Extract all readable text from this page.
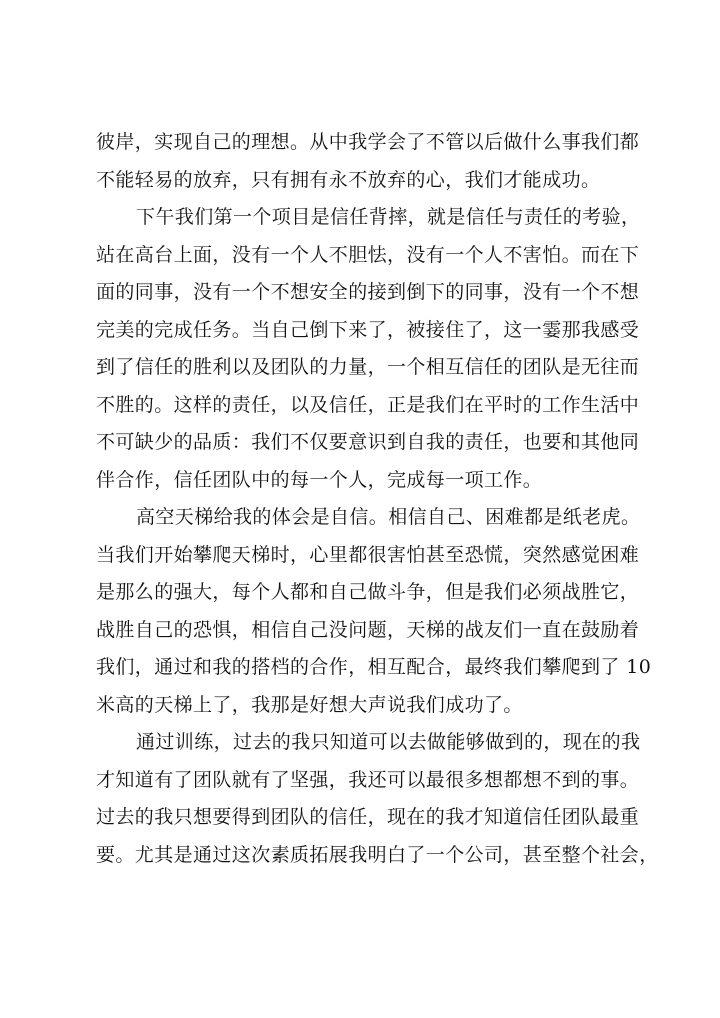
彼岸，实现自己的理想。从中我学会了不管以后做什么事我们都
不能轻易的放弃，只有拥有永不放弃的心，我们才能成功。
下午我们第一个项目是信任背摔，就是信任与责任的考验，
站在高台上面，没有一个人不胆怯，没有一个人不害怕。而在下
面的同事，没有一个不想安全的接到倒下的同事，没有一个不想
完美的完成任务。当自己倒下来了，被接住了，这一霎那我感受
到了信任的胜利以及团队的力量，一个相互信任的团队是无往而
不胜的。这样的责任，以及信任，正是我们在平时的工作生活中
不可缺少的品质：我们不仅要意识到自我的责任，也要和其他同
伴合作，信任团队中的每一个人，完成每一项工作。
高空天梯给我的体会是自信。相信自己、困难都是纸老虎。
当我们开始攀爬天梯时，心里都很害怕甚至恐慌，突然感觉困难
是那么的强大，每个人都和自己做斗争，但是我们必须战胜它，
战胜自己的恐惧，相信自己没问题，天梯的战友们一直在鼓励着
我们，通过和我的搭档的合作，相互配合，最终我们攀爬到了 10
米高的天梯上了，我那是好想大声说我们成功了。
通过训练，过去的我只知道可以去做能够做到的，现在的我
才知道有了团队就有了坚强，我还可以最很多想都想不到的事。
过去的我只想要得到团队的信任，现在的我才知道信任团队最重
要。尤其是通过这次素质拓展我明白了一个公司，甚至整个社会，
